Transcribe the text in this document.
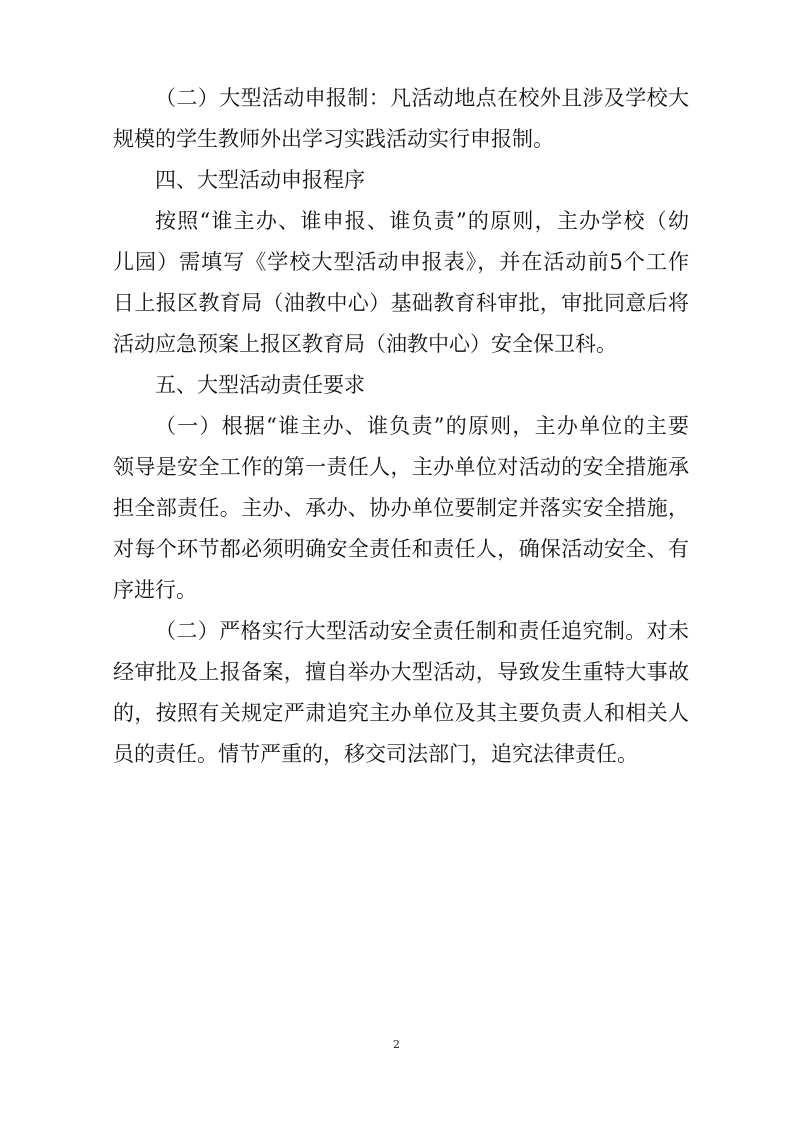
（二）大型活动申报制：凡活动地点在校外且涉及学校大
规模的学生教师外出学习实践活动实行申报制。
四、大型活动申报程序
按照“谁主办、谁申报、谁负责”的原则，主办学校（幼
儿园）需填写《学校大型活动申报表》，并在活动前5个工作
日上报区教育局（油教中心）基础教育科审批，审批同意后将
活动应急预案上报区教育局（油教中心）安全保卫科。
五、大型活动责任要求
（一）根据“谁主办、谁负责”的原则，主办单位的主要
领导是安全工作的第一责任人，主办单位对活动的安全措施承
担全部责任。主办、承办、协办单位要制定并落实安全措施，
对每个环节都必须明确安全责任和责任人，确保活动安全、有
序进行。
（二）严格实行大型活动安全责任制和责任追究制。对未
经审批及上报备案，擅自举办大型活动，导致发生重特大事故
的，按照有关规定严肃追究主办单位及其主要负责人和相关人
员的责任。情节严重的，移交司法部门，追究法律责任。
2
